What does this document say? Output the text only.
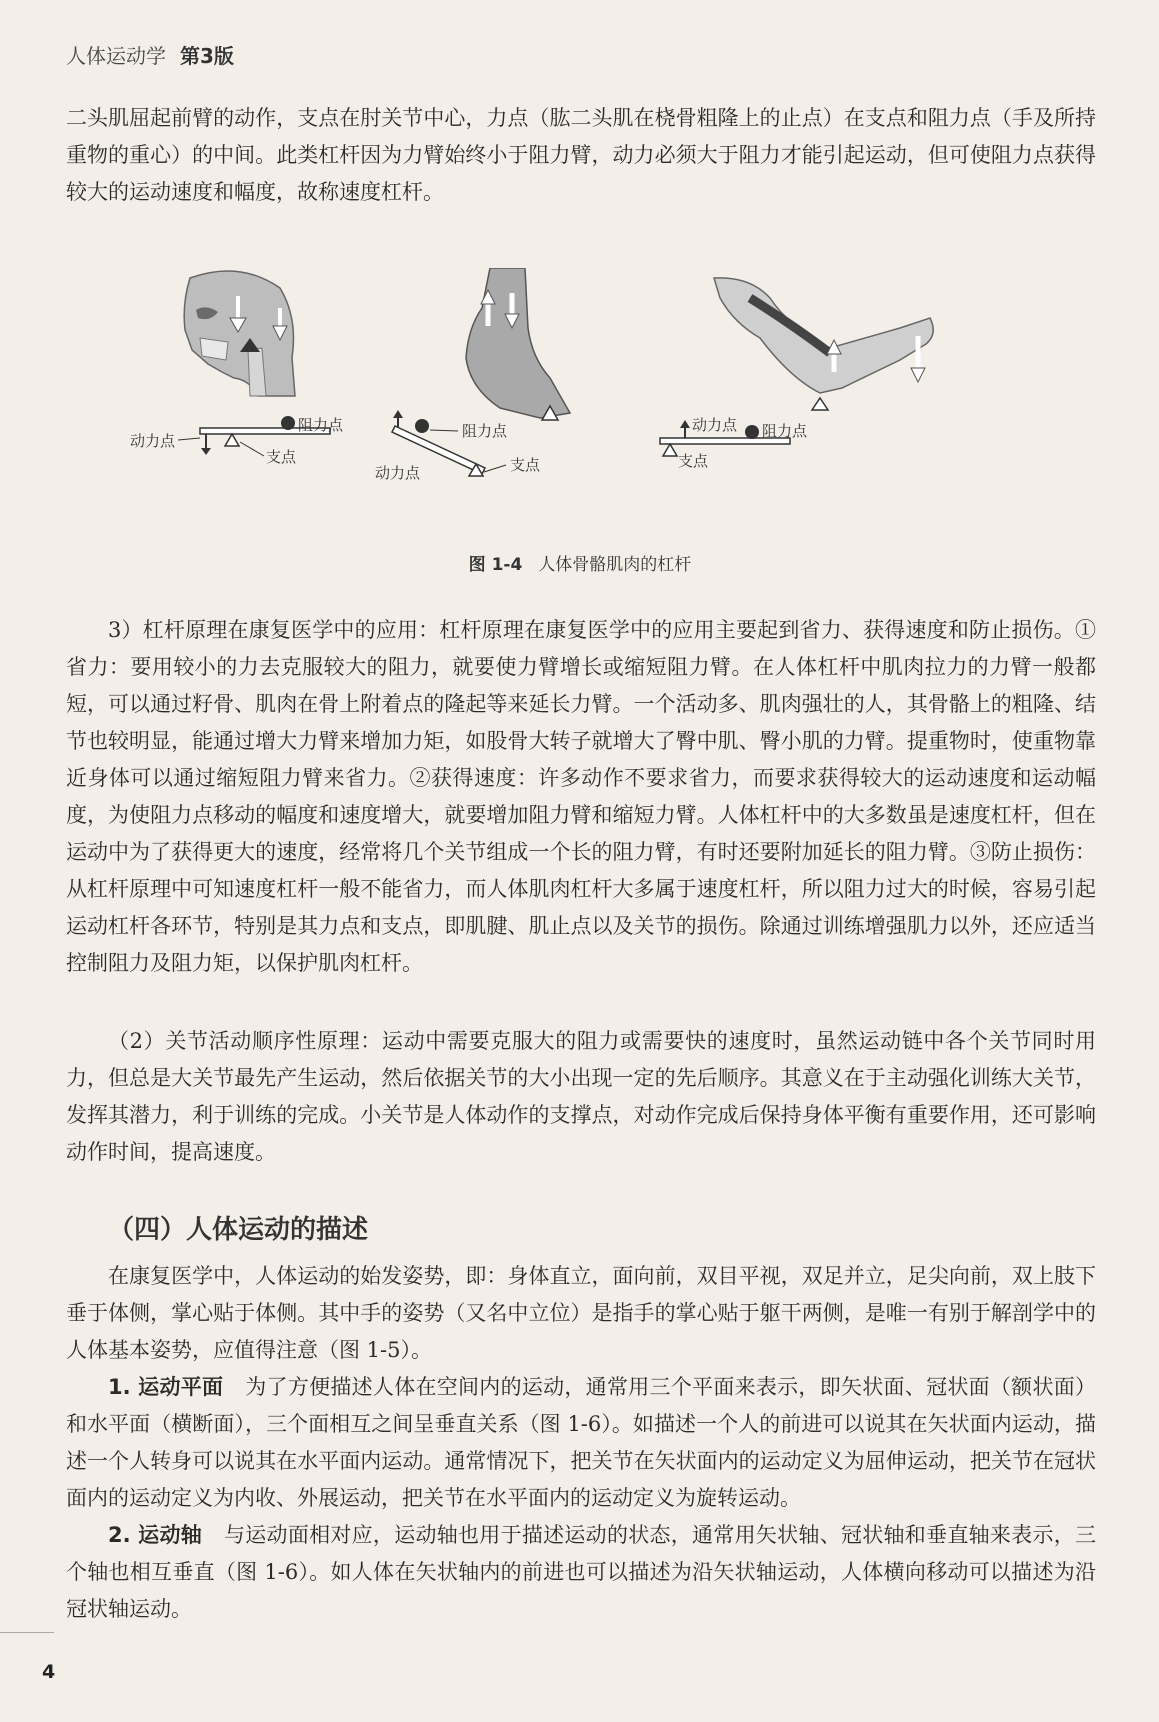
人体运动学 第3版

二头肌屈起前臂的动作，支点在肘关节中心，力点（肱二头肌在桡骨粗隆上的止点）在支点和阻力点（手及所持重物的重心）的中间。此类杠杆因为力臂始终小于阻力臂，动力必须大于阻力才能引起运动，但可使阻力点获得较大的运动速度和幅度，故称速度杠杆。

阻力点
动力点
支点
阻力点
动力点	支点
动力点 阻力点
支点
图 1-4 人体骨骼肌肉的杠杆

3）杠杆原理在康复医学中的应用：杠杆原理在康复医学中的应用主要起到省力、获得速度和防止损伤。①省力：要用较小的力去克服较大的阻力，就要使力臂增长或缩短阻力臂。在人体杠杆中肌肉拉力的力臂一般都短，可以通过籽骨、肌肉在骨上附着点的隆起等来延长力臂。一个活动多、肌肉强壮的人，其骨骼上的粗隆、结节也较明显，能通过增大力臂来增加力矩，如股骨大转子就增大了臀中肌、臀小肌的力臂。提重物时，使重物靠近身体可以通过缩短阻力臂来省力。②获得速度：许多动作不要求省力，而要求获得较大的运动速度和运动幅度，为使阻力点移动的幅度和速度增大，就要增加阻力臂和缩短力臂。人体杠杆中的大多数虽是速度杠杆，但在运动中为了获得更大的速度，经常将几个关节组成一个长的阻力臂，有时还要附加延长的阻力臂。③防止损伤：从杠杆原理中可知速度杠杆一般不能省力，而人体肌肉杠杆大多属于速度杠杆，所以阻力过大的时候，容易引起运动杠杆各环节，特别是其力点和支点，即肌腱、肌止点以及关节的损伤。除通过训练增强肌力以外，还应适当控制阻力及阻力矩，以保护肌肉杠杆。

（2）关节活动顺序性原理：运动中需要克服大的阻力或需要快的速度时，虽然运动链中各个关节同时用力，但总是大关节最先产生运动，然后依据关节的大小出现一定的先后顺序。其意义在于主动强化训练大关节，发挥其潜力，利于训练的完成。小关节是人体动作的支撑点，对动作完成后保持身体平衡有重要作用，还可影响动作时间，提高速度。

（四）人体运动的描述

在康复医学中，人体运动的始发姿势，即：身体直立，面向前，双目平视，双足并立，足尖向前，双上肢下垂于体侧，掌心贴于体侧。其中手的姿势（又名中立位）是指手的掌心贴于躯干两侧，是唯一有别于解剖学中的人体基本姿势，应值得注意（图 1-5）。

1. 运动平面 为了方便描述人体在空间内的运动，通常用三个平面来表示，即矢状面、冠状面（额状面）和水平面（横断面），三个面相互之间呈垂直关系（图 1-6）。如描述一个人的前进可以说其在矢状面内运动，描述一个人转身可以说其在水平面内运动。通常情况下，把关节在矢状面内的运动定义为屈伸运动，把关节在冠状面内的运动定义为内收、外展运动，把关节在水平面内的运动定义为旋转运动。

2. 运动轴 与运动面相对应，运动轴也用于描述运动的状态，通常用矢状轴、冠状轴和垂直轴来表示，三个轴也相互垂直（图 1-6）。如人体在矢状轴内的前进也可以描述为沿矢状轴运动，人体横向移动可以描述为沿冠状轴运动。

4
